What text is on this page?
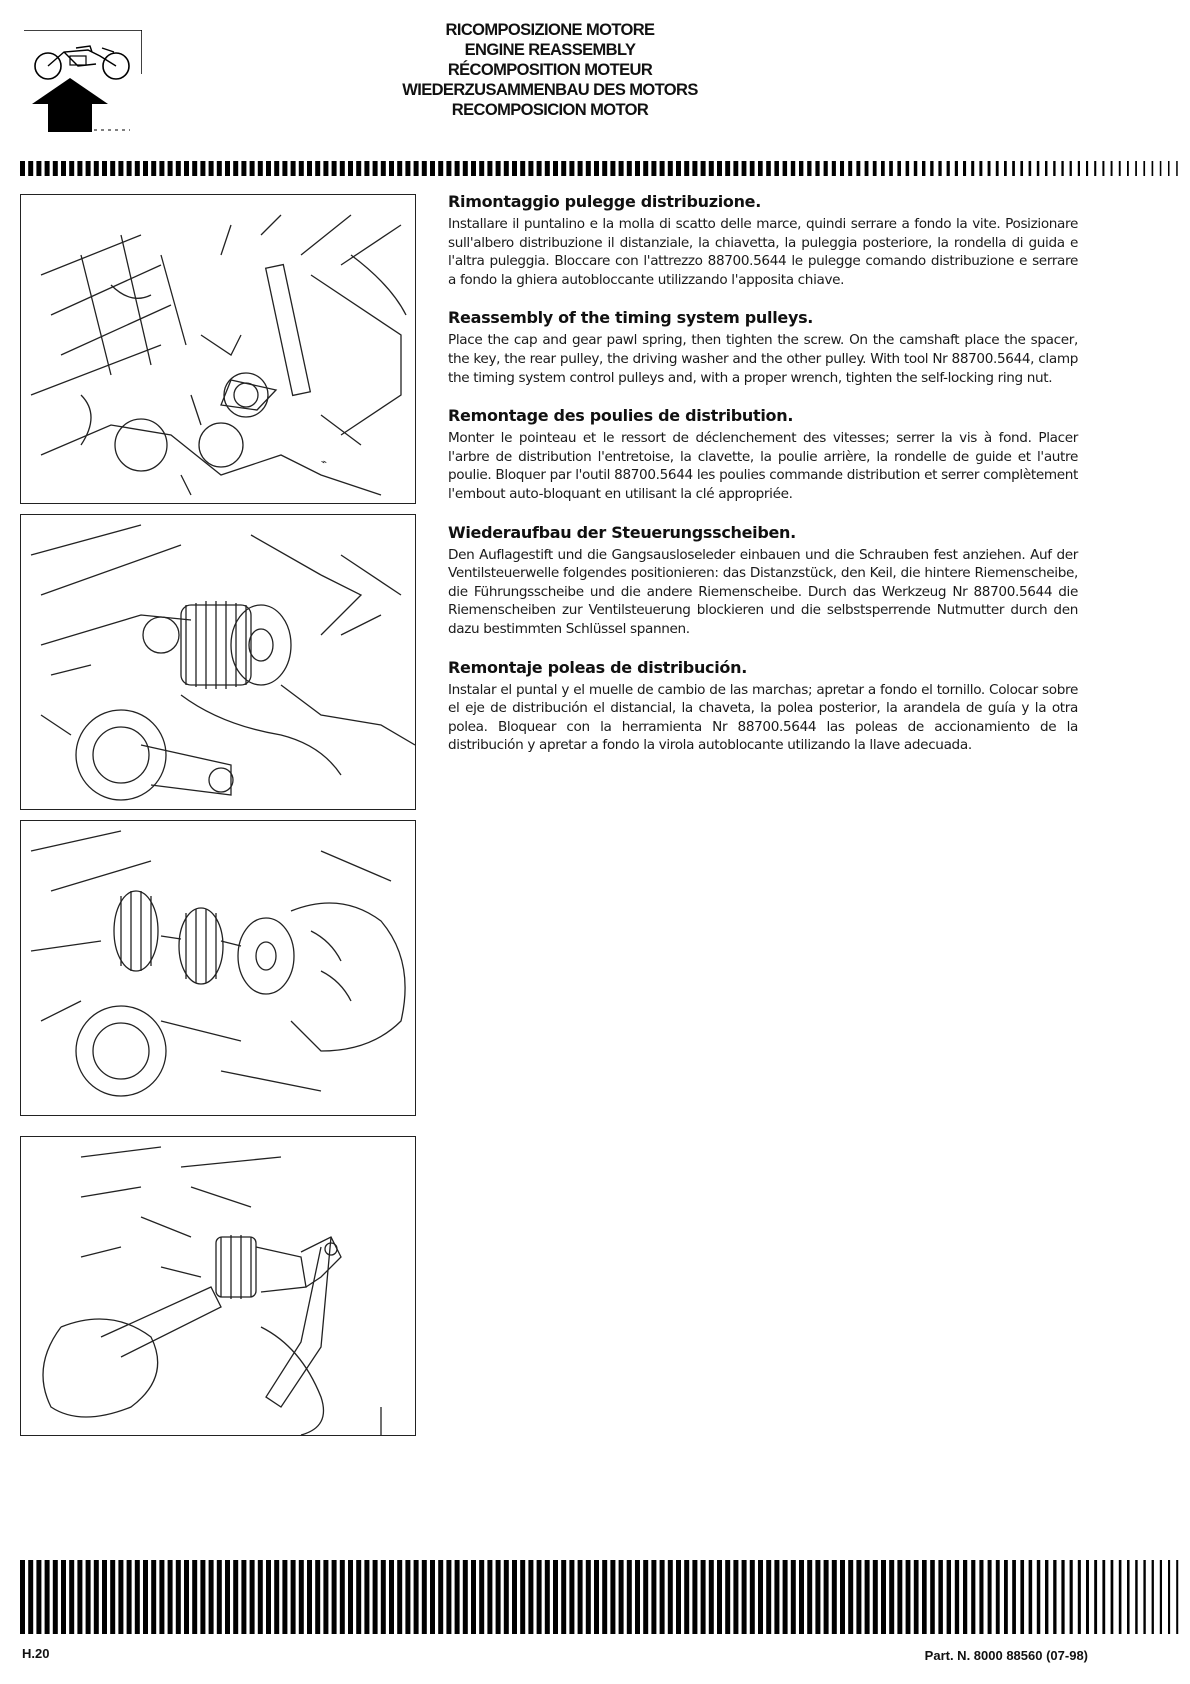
RICOMPOSIZIONE MOTORE
ENGINE REASSEMBLY
RÉCOMPOSITION MOTEUR
WIEDERZUSAMMENBAU DES MOTORS
RECOMPOSICION MOTOR
⌁
Rimontaggio pulegge distribuzione.

Installare il puntalino e la molla di scatto delle marce, quindi serrare a fondo la vite. Posizionare sull'albero distribuzione il distanziale, la chiavetta, la puleggia posteriore, la rondella di guida e l'altra puleggia. Bloccare con l'attrezzo 88700.5644 le pulegge comando distribuzione e serrare a fondo la ghiera autobloccante utilizzando l'apposita chiave.

Reassembly of the timing system pulleys.

Place the cap and gear pawl spring, then tighten the screw. On the camshaft place the spacer, the key, the rear pulley, the driving washer and the other pulley. With tool Nr 88700.5644, clamp the timing system control pulleys and, with a proper wrench, tighten the self-locking ring nut.

Remontage des poulies de distribution.

Monter le pointeau et le ressort de déclenchement des vitesses; serrer la vis à fond. Placer l'arbre de distribution l'entretoise, la clavette, la poulie arrière, la rondelle de guide et l'autre poulie. Bloquer par l'outil 88700.5644 les poulies commande distribution et serrer complètement l'embout auto-bloquant en utilisant la clé appropriée.

Wiederaufbau der Steuerungsscheiben.

Den Auflagestift und die Gangsausloseleder einbauen und die Schrauben fest anziehen. Auf der Ventilsteuerwelle folgendes positionieren: das Distanzstück, den Keil, die hintere Riemenscheibe, die Führungsscheibe und die andere Riemenscheibe. Durch das Werkzeug Nr 88700.5644 die Riemenscheiben zur Ventilsteuerung blockieren und die selbstsperrende Nutmutter durch den dazu bestimmten Schlüssel spannen.

Remontaje poleas de distribución.

Instalar el puntal y el muelle de cambio de las marchas; apretar a fondo el tornillo. Colocar sobre el eje de distribución el distancial, la chaveta, la polea posterior, la arandela de guía y la otra polea. Bloquear con la herramienta Nr 88700.5644 las poleas de accionamiento de la distribución y apretar a fondo la virola autoblocante utilizando la llave adecuada.

H.20	Part. N. 8000 88560 (07-98)
